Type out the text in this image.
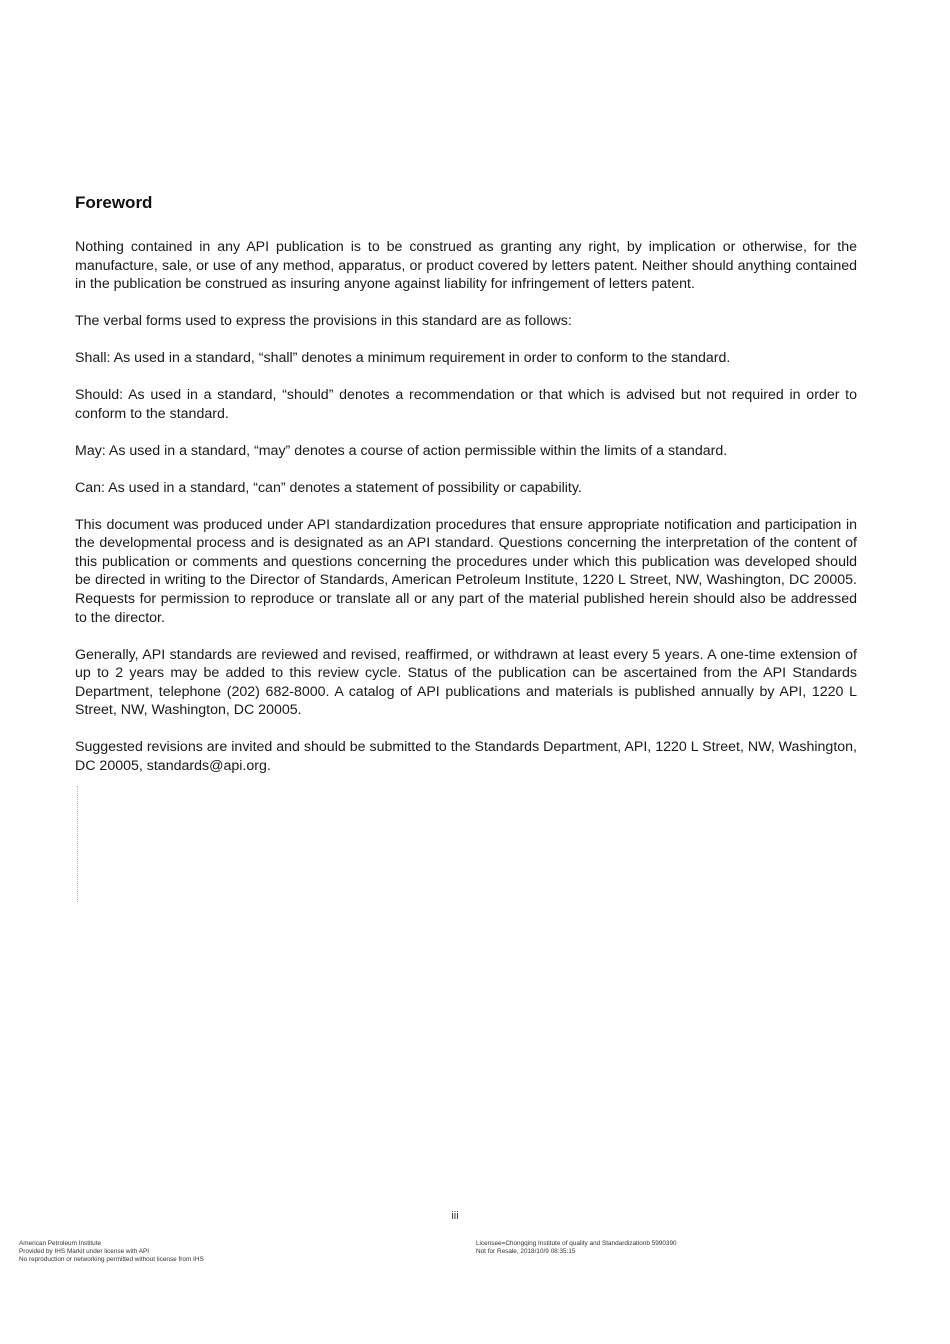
Foreword

Nothing contained in any API publication is to be construed as granting any right, by implication or otherwise, for the manufacture, sale, or use of any method, apparatus, or product covered by letters patent. Neither should anything contained in the publication be construed as insuring anyone against liability for infringement of letters patent.

The verbal forms used to express the provisions in this standard are as follows:

Shall: As used in a standard, “shall” denotes a minimum requirement in order to conform to the standard.

Should: As used in a standard, “should” denotes a recommendation or that which is advised but not required in order to conform to the standard.

May: As used in a standard, “may” denotes a course of action permissible within the limits of a standard.

Can: As used in a standard, “can” denotes a statement of possibility or capability.

This document was produced under API standardization procedures that ensure appropriate notification and participation in the developmental process and is designated as an API standard. Questions concerning the interpretation of the content of this publication or comments and questions concerning the procedures under which this publication was developed should be directed in writing to the Director of Standards, American Petroleum Institute, 1220 L Street, NW, Washington, DC 20005. Requests for permission to reproduce or translate all or any part of the material published herein should also be addressed to the director.

Generally, API standards are reviewed and revised, reaffirmed, or withdrawn at least every 5 years. A one-time extension of up to 2 years may be added to this review cycle. Status of the publication can be ascertained from the API Standards Department, telephone (202) 682-8000. A catalog of API publications and materials is published annually by API, 1220 L Street, NW, Washington, DC 20005.

Suggested revisions are invited and should be submitted to the Standards Department, API, 1220 L Street, NW, Washington, DC 20005, standards@api.org.

iii
American Petroleum Institute
Provided by IHS Markit under license with API
No reproduction or networking permitted without license from IHS
Licensee=Chongqing Institute of quality and Standardizationb 5990390
Not for Resale, 2018/10/9 08:35:15
